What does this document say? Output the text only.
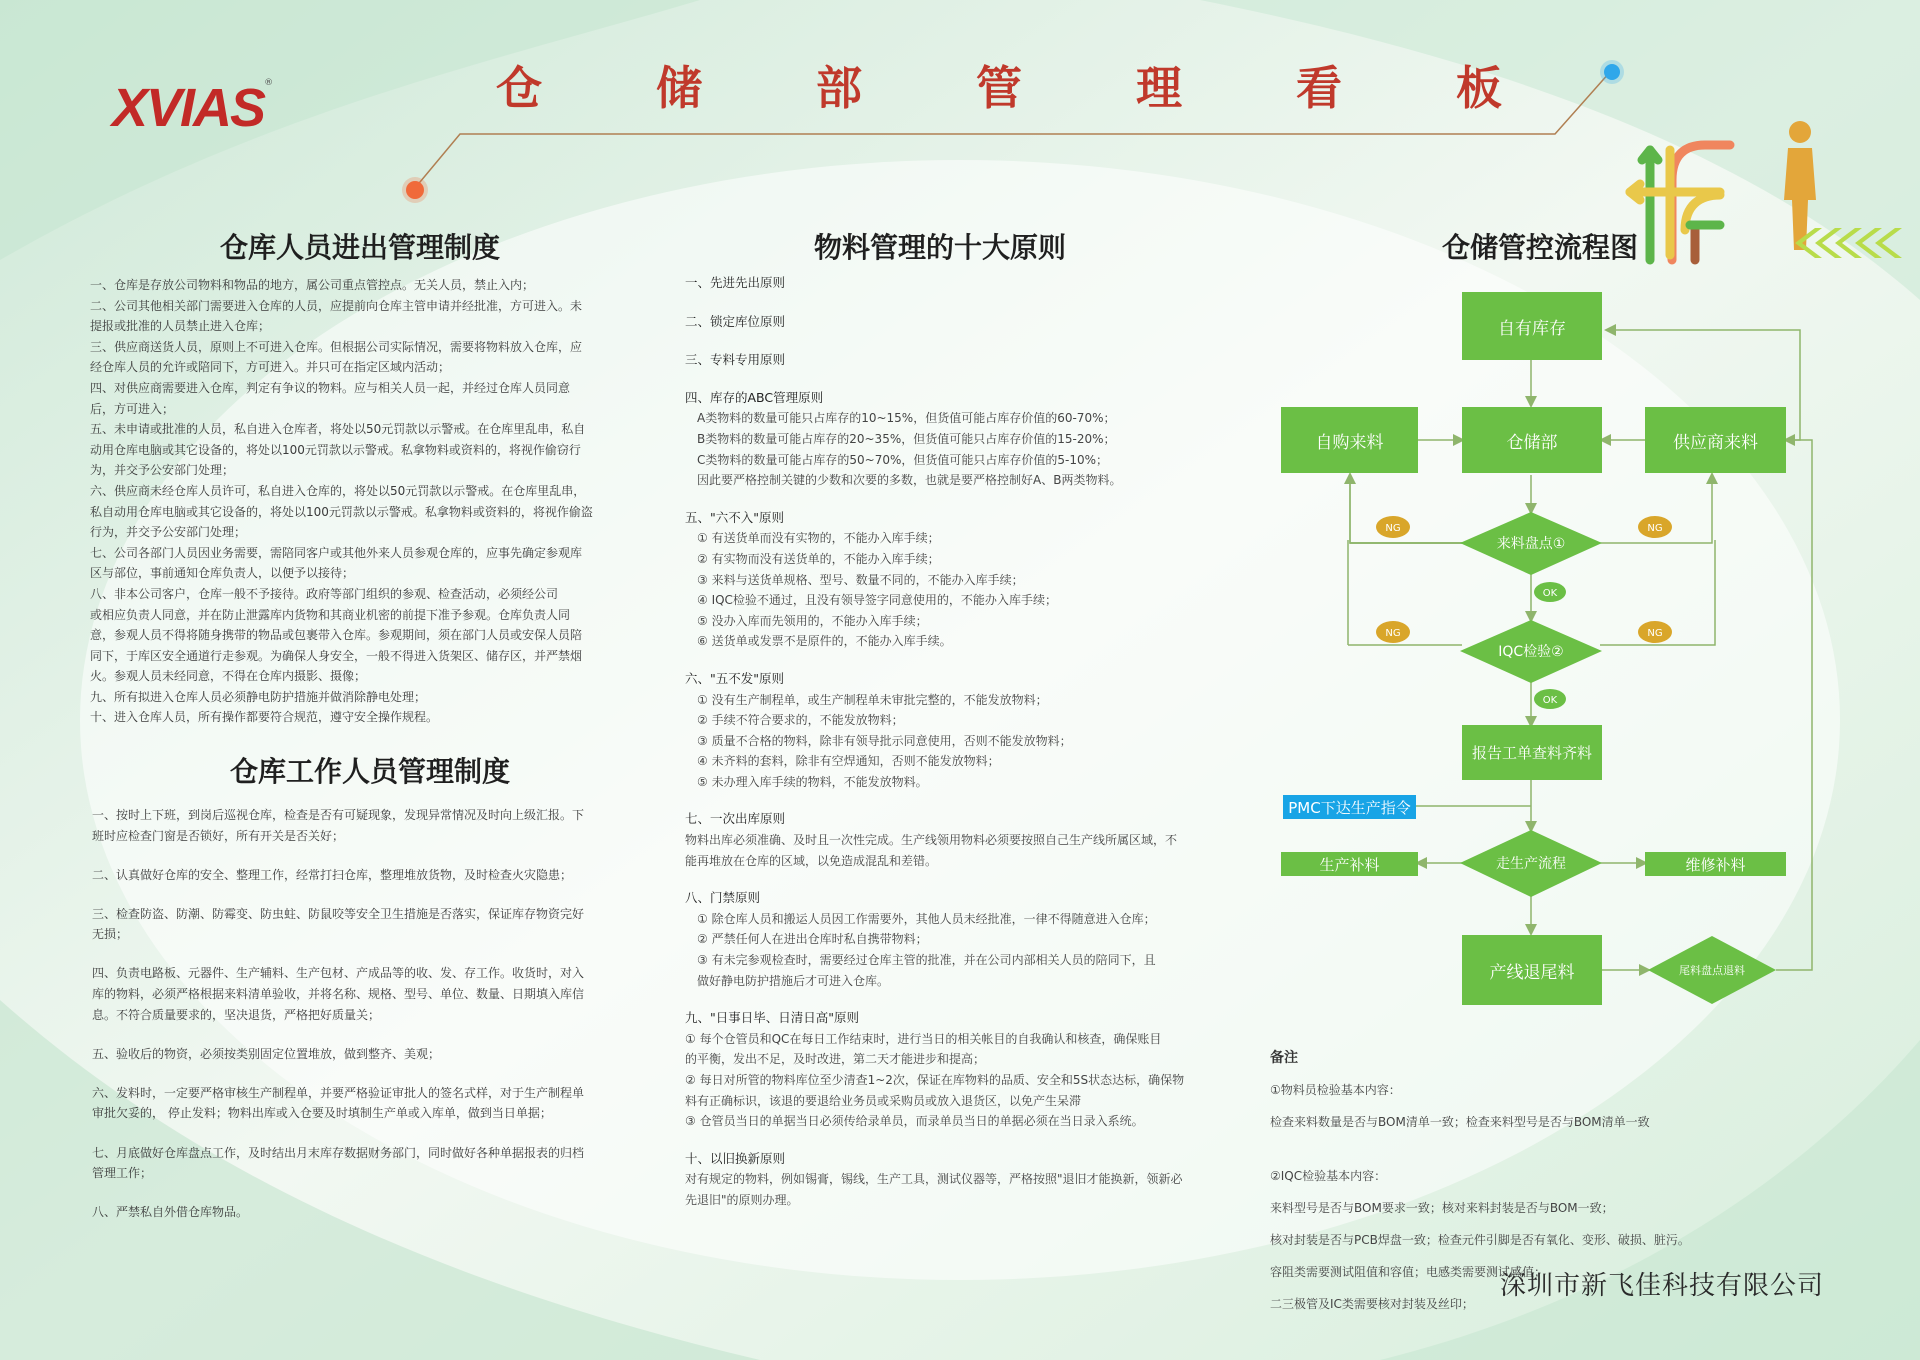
XVIAS®	仓 储 部 管 理 看 板
仓库人员进出管理制度
仓库工作人员管理制度
物料管理的十大原则	仓储管控流程图

一、仓库是存放公司物料和物品的地方，属公司重点管控点。无关人员，禁止入内；

二、公司其他相关部门需要进入仓库的人员，应提前向仓库主管申请并经批准，方可进入。未

提报或批准的人员禁止进入仓库；

三、供应商送货人员，原则上不可进入仓库。但根据公司实际情况，需要将物料放入仓库，应

经仓库人员的允许或陪同下，方可进入。并只可在指定区域内活动；

四、对供应商需要进入仓库，判定有争议的物料。应与相关人员一起，并经过仓库人员同意

后，方可进入；

五、未申请或批准的人员，私自进入仓库者，将处以50元罚款以示警戒。在仓库里乱串，私自

动用仓库电脑或其它设备的，将处以100元罚款以示警戒。私拿物料或资料的，将视作偷窃行

为，并交予公安部门处理；

六、供应商未经仓库人员许可，私自进入仓库的，将处以50元罚款以示警戒。在仓库里乱串，

私自动用仓库电脑或其它设备的，将处以100元罚款以示警戒。私拿物料或资料的，将视作偷盗

行为，并交予公安部门处理；

七、公司各部门人员因业务需要，需陪同客户或其他外来人员参观仓库的，应事先确定参观库

区与部位，事前通知仓库负责人，以便予以接待；

八、非本公司客户，仓库一般不予接待。政府等部门组织的参观、检查活动，必须经公司

或相应负责人同意，并在防止泄露库内货物和其商业机密的前提下准予参观。仓库负责人同

意，参观人员不得将随身携带的物品或包裹带入仓库。参观期间，须在部门人员或安保人员陪

同下，于库区安全通道行走参观。为确保人身安全，一般不得进入货架区、储存区，并严禁烟

火。参观人员未经同意，不得在仓库内摄影、摄像；

九、所有拟进入仓库人员必须静电防护措施并做消除静电处理；

十、进入仓库人员，所有操作都要符合规范，遵守安全操作规程。

一、按时上下班，到岗后巡视仓库，检查是否有可疑现象，发现异常情况及时向上级汇报。下

班时应检查门窗是否锁好，所有开关是否关好；

二、认真做好仓库的安全、整理工作，经常打扫仓库，整理堆放货物，及时检查火灾隐患；

三、检查防盗、防潮、防霉变、防虫蛀、防鼠咬等安全卫生措施是否落实，保证库存物资完好

无损；

四、负责电路板、元器件、生产辅料、生产包材、产成品等的收、发、存工作。收货时，对入

库的物料，必须严格根据来料清单验收，并将名称、规格、型号、单位、数量、日期填入库信

息。不符合质量要求的，坚决退货，严格把好质量关；

五、验收后的物资，必须按类别固定位置堆放，做到整齐、美观；

六、发料时，一定要严格审核生产制程单，并要严格验证审批人的签名式样，对于生产制程单

审批欠妥的， 停止发料；物料出库或入仓要及时填制生产单或入库单，做到当日单据；

七、月底做好仓库盘点工作，及时结出月末库存数据财务部门，同时做好各种单据报表的归档

管理工作；

八、严禁私自外借仓库物品。

一、先进先出原则

二、锁定库位原则

三、专料专用原则

四、库存的ABC管理原则

A类物料的数量可能只占库存的10~15%，但货值可能占库存价值的60-70%；

B类物料的数量可能占库存的20~35%，但货值可能只占库存价值的15-20%；

C类物料的数量可能占库存的50~70%，但货值可能只占库存价值的5-10%；

因此要严格控制关键的少数和次要的多数，也就是要严格控制好A、B两类物料。

五、"六不入"原则

① 有送货单而没有实物的，不能办入库手续；

② 有实物而没有送货单的，不能办入库手续；

③ 来料与送货单规格、型号、数量不同的，不能办入库手续；

④ IQC检验不通过，且没有领导签字同意使用的，不能办入库手续；

⑤ 没办入库而先领用的，不能办入库手续；

⑥ 送货单或发票不是原件的，不能办入库手续。

六、"五不发"原则

① 没有生产制程单，或生产制程单未审批完整的，不能发放物料；

② 手续不符合要求的，不能发放物料；

③ 质量不合格的物料，除非有领导批示同意使用，否则不能发放物料；

④ 未齐料的套料，除非有空焊通知，否则不能发放物料；

⑤ 未办理入库手续的物料，不能发放物料。

七、一次出库原则

物料出库必须准确、及时且一次性完成。生产线领用物料必须要按照自己生产线所属区域，不

能再堆放在仓库的区域，以免造成混乱和差错。

八、门禁原则

① 除仓库人员和搬运人员因工作需要外，其他人员未经批准，一律不得随意进入仓库；

② 严禁任何人在进出仓库时私自携带物料；

③ 有未完参观检查时，需要经过仓库主管的批准，并在公司内部相关人员的陪同下，且

做好静电防护措施后才可进入仓库。

九、"日事日毕、日清日高"原则

① 每个仓管员和QC在每日工作结束时，进行当日的相关帐目的自我确认和核查，确保账目

的平衡，发出不足，及时改进，第二天才能进步和提高；

② 每日对所管的物料库位至少清查1~2次，保证在库物料的品质、安全和5S状态达标，确保物

料有正确标识，该退的要退给业务员或采购员或放入退货区，以免产生呆滞

③ 仓管员当日的单据当日必须传给录单员，而录单员当日的单据必须在当日录入系统。

十、以旧换新原则

对有规定的物料，例如锡膏，锡线，生产工具，测试仪器等，严格按照"退旧才能换新，领新必

先退旧"的原则办理。

自有库存
自购来料	仓储部	供应商来料
来料盘点①
IQC检验②
报告工单查料齐料
PMC下达生产指令
生产补料	走生产流程	维修补料
产线退尾料	尾料盘点退料
NG	NG
NG	NG
OK
OK
备注

①物料员检验基本内容：

检查来料数量是否与BOM清单一致；检查来料型号是否与BOM清单一致

②IQC检验基本内容：

来料型号是否与BOM要求一致；核对来料封装是否与BOM一致；

核对封装是否与PCB焊盘一致；检查元件引脚是否有氧化、变形、破损、脏污。

容阻类需要测试阻值和容值；电感类需要测试感值；

二三极管及IC类需要核对封装及丝印；

深圳市新飞佳科技有限公司
